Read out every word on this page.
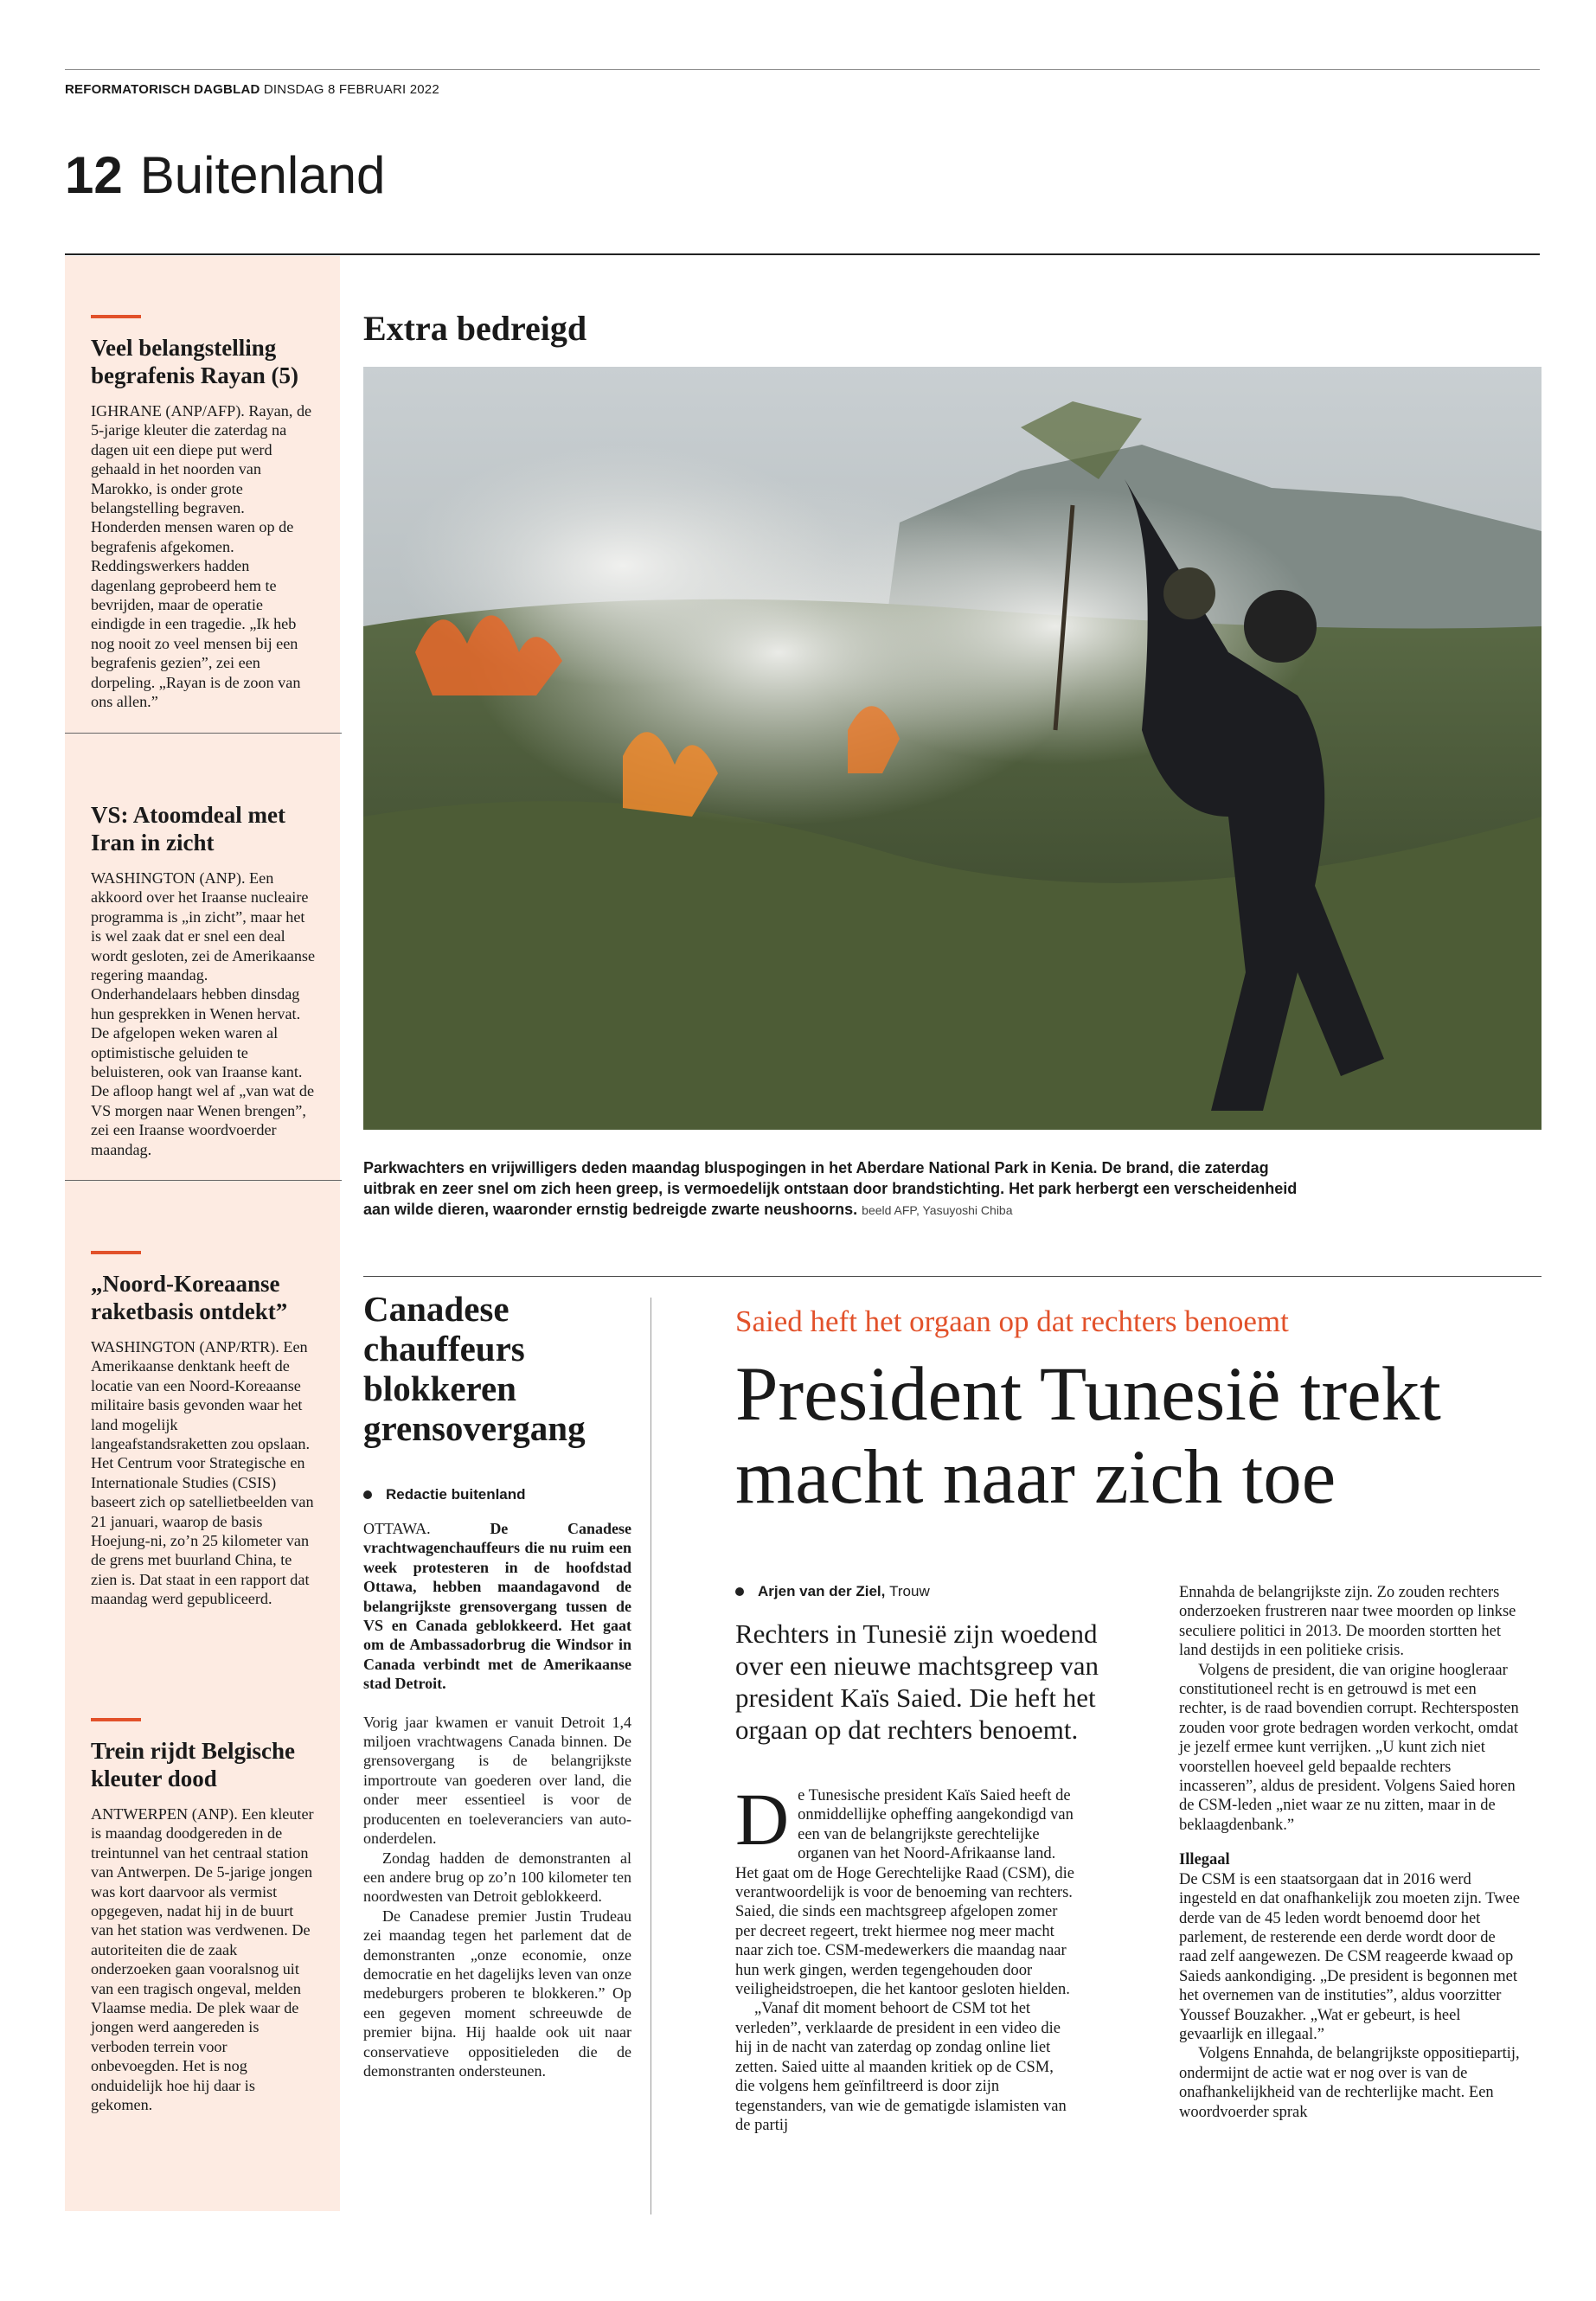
REFORMATORISCH DAGBLAD DINSDAG 8 FEBRUARI 2022
12 Buitenland
Veel belangstelling begrafenis Rayan (5)

IGHRANE (ANP/AFP). Rayan, de 5-jarige kleuter die zaterdag na dagen uit een diepe put werd gehaald in het noorden van Marokko, is onder grote belangstelling begraven. Honderden mensen waren op de begrafenis afgekomen. Reddingswerkers hadden dagenlang geprobeerd hem te bevrijden, maar de operatie eindigde in een tragedie. „Ik heb nog nooit zo veel mensen bij een begrafenis gezien”, zei een dorpeling. „Rayan is de zoon van ons allen.”

VS: Atoomdeal met Iran in zicht

WASHINGTON (ANP). Een akkoord over het Iraanse nucleaire programma is „in zicht”, maar het is wel zaak dat er snel een deal wordt gesloten, zei de Amerikaanse regering maandag. Onderhandelaars hebben dinsdag hun gesprekken in Wenen hervat. De afgelopen weken waren al optimistische geluiden te beluisteren, ook van Iraanse kant. De afloop hangt wel af „van wat de VS morgen naar Wenen brengen”, zei een Iraanse woordvoerder maandag.

„Noord-Koreaanse raketbasis ontdekt”

WASHINGTON (ANP/RTR). Een Amerikaanse denktank heeft de locatie van een Noord-Koreaanse militaire basis gevonden waar het land mogelijk langeafstandsraketten zou opslaan. Het Centrum voor Strategische en Internationale Studies (CSIS) baseert zich op satellietbeelden van 21 januari, waarop de basis Hoejung-ni, zo’n 25 kilometer van de grens met buurland China, te zien is. Dat staat in een rapport dat maandag werd gepubliceerd.

Trein rijdt Belgische kleuter dood

ANTWERPEN (ANP). Een kleuter is maandag doodgereden in de treintunnel van het centraal station van Antwerpen. De 5-jarige jongen was kort daarvoor als vermist opgegeven, nadat hij in de buurt van het station was verdwenen. De autoriteiten die de zaak onderzoeken gaan vooralsnog uit van een tragisch ongeval, melden Vlaamse media. De plek waar de jongen werd aangereden is verboden terrein voor onbevoegden. Het is nog onduidelijk hoe hij daar is gekomen.

Extra bedreigd
Parkwachters en vrijwilligers deden maandag bluspogingen in het Aberdare National Park in Kenia. De brand, die zaterdag uitbrak en zeer snel om zich heen greep, is vermoedelijk ontstaan door brandstichting. Het park herbergt een verscheidenheid aan wilde dieren, waaronder ernstig bedreigde zwarte neushoorns. beeld AFP, Yasuyoshi Chiba
Canadese chauffeurs blokkeren grensovergang
Redactie buitenland

OTTAWA.	De Canadese vrachtwagenchauffeurs die nu ruim een week protesteren in de hoofdstad Ottawa, hebben maandagavond de belangrijkste grensovergang tussen de VS en Canada geblokkeerd. Het gaat om de Ambassadorbrug die Windsor in Canada verbindt met de Amerikaanse stad Detroit.

Vorig jaar kwamen er vanuit Detroit 1,4 miljoen vrachtwagens Canada binnen. De grensovergang is de belangrijkste importroute van goederen over land, die onder meer essentieel is voor de producenten en toeleveranciers van auto-onderdelen.

Zondag hadden de demonstranten al een andere brug op zo’n 100 kilometer ten noordwesten van Detroit geblokkeerd.

De Canadese premier Justin Trudeau zei maandag tegen het parlement dat de demonstranten „onze economie, onze democratie en het dagelijks leven van onze medeburgers proberen te blokkeren.” Op een gegeven moment schreeuwde de premier bijna. Hij haalde ook uit naar conservatieve oppositieleden die de demonstranten ondersteunen.

Saied heft het orgaan op dat rechters benoemt
President Tunesië trekt macht naar zich toe
Arjen van der Ziel, Trouw
Rechters in Tunesië zijn woedend over een nieuwe machtsgreep van president Kaïs Saied. Die heft het orgaan op dat rechters benoemt.

De Tunesische president Kaïs Saied heeft de onmiddellijke opheffing aangekondigd van een van de belangrijkste gerechtelijke organen van het Noord-Afrikaanse land. Het gaat om de Hoge Gerechtelijke Raad (CSM), die verantwoordelijk is voor de benoeming van rechters. Saied, die sinds een machtsgreep afgelopen zomer per decreet regeert, trekt hiermee nog meer macht naar zich toe. CSM-medewerkers die maandag naar hun werk gingen, werden tegengehouden door veiligheidstroepen, die het kantoor gesloten hielden.

„Vanaf dit moment behoort de CSM tot het verleden”, verklaarde de president in een video die hij in de nacht van zaterdag op zondag online liet zetten. Saied uitte al maanden kritiek op de CSM, die volgens hem geïnfiltreerd is door zijn tegenstanders, van wie de gematigde islamisten van de partij

Ennahda de belangrijkste zijn. Zo zouden rechters onderzoeken frustreren naar twee moorden op linkse seculiere politici in 2013. De moorden stortten het land destijds in een politieke crisis.

Volgens de president, die van origine hoogleraar constitutioneel recht is en getrouwd is met een rechter, is de raad bovendien corrupt. Rechtersposten zouden voor grote bedragen worden verkocht, omdat je jezelf ermee kunt verrijken. „U kunt zich niet voorstellen hoeveel geld bepaalde rechters incasseren”, aldus de president. Volgens Saied horen de CSM-leden „niet waar ze nu zitten, maar in de beklaagdenbank.”

Illegaal

De CSM is een staatsorgaan dat in 2016 werd ingesteld en dat onafhankelijk zou moeten zijn. Twee derde van de 45 leden wordt benoemd door het parlement, de resterende een derde wordt door de raad zelf aangewezen. De CSM reageerde kwaad op Saieds aankondiging. „De president is begonnen met het overnemen van de instituties”, aldus voorzitter Youssef Bouzakher. „Wat er gebeurt, is heel gevaarlijk en illegaal.”

Volgens Ennahda, de belangrijkste oppositiepartij, ondermijnt de actie wat er nog over is van de onafhankelijkheid van de rechterlijke macht. Een woordvoerder sprak
